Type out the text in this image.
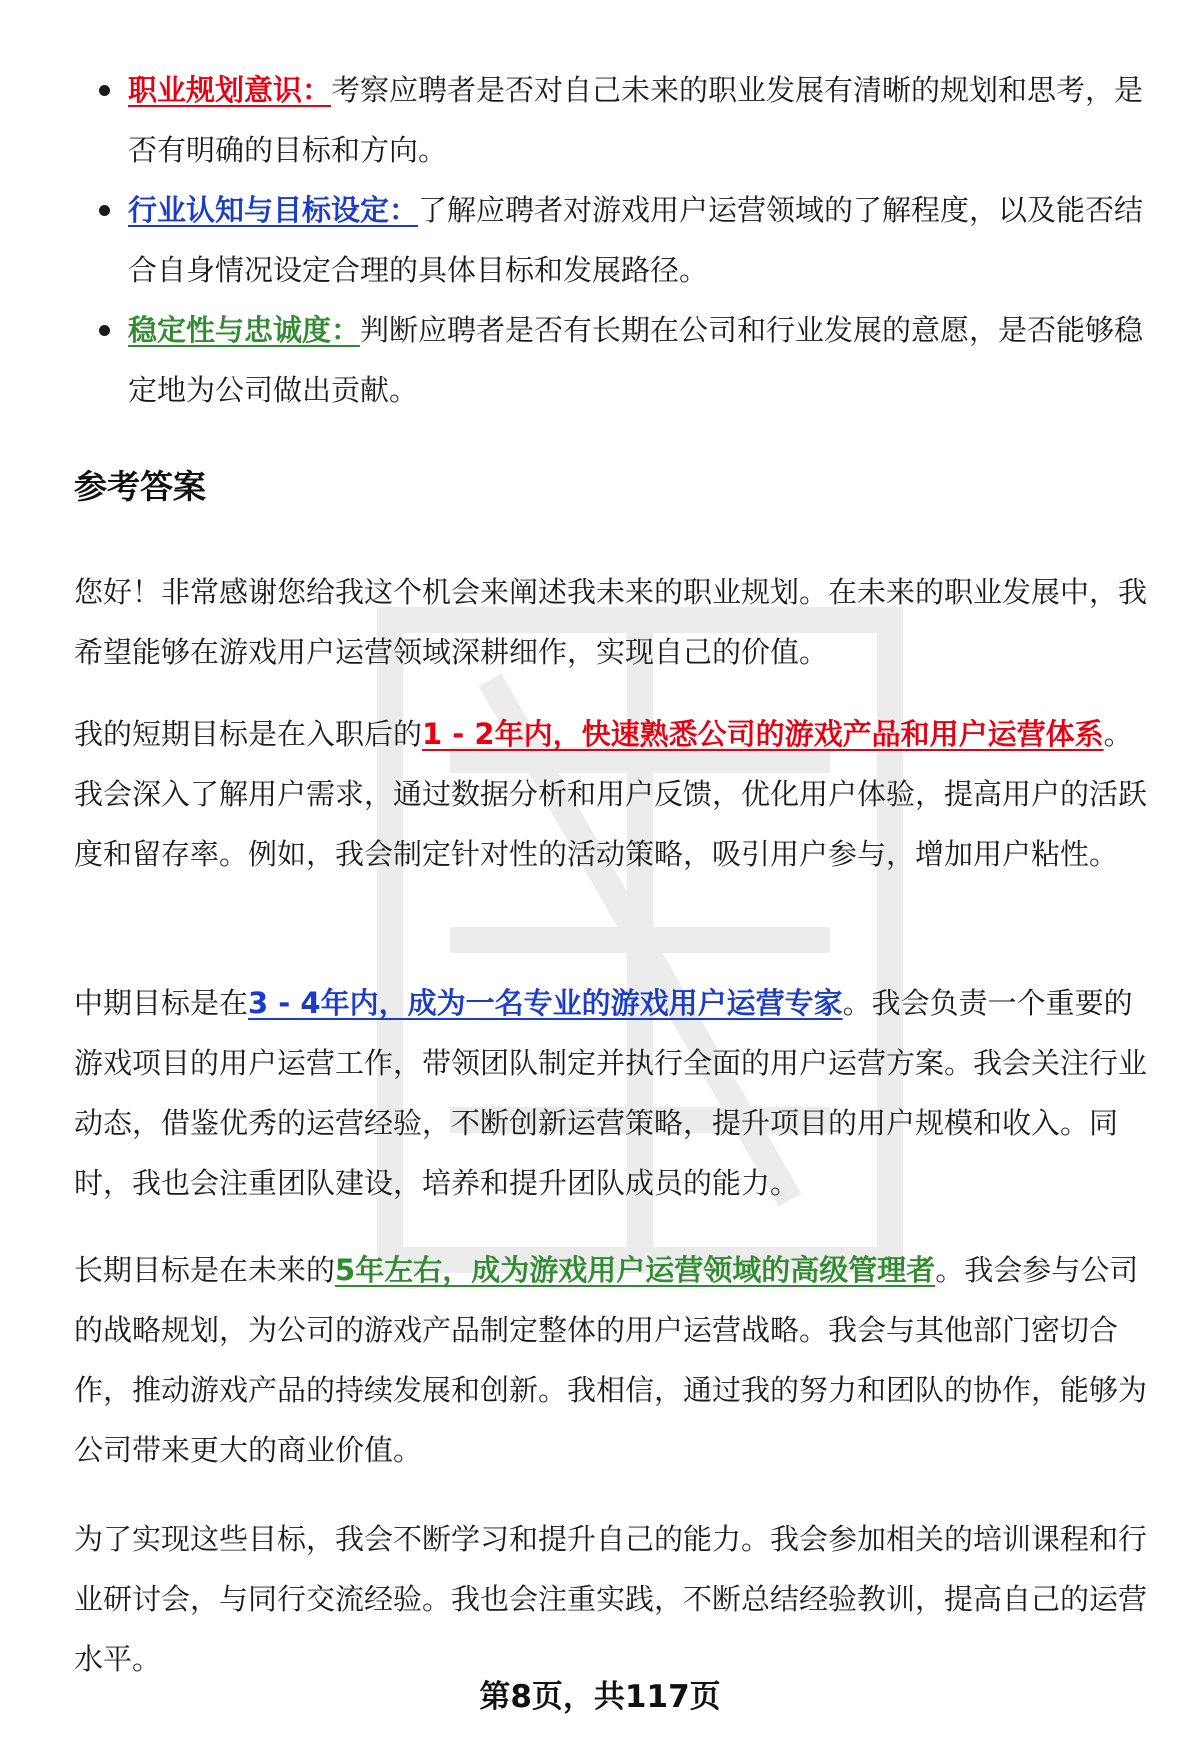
职业规划意识：考察应聘者是否对自己未来的职业发展有清晰的规划和思考，是否有明确的目标和方向。
行业认知与目标设定：了解应聘者对游戏用户运营领域的了解程度，以及能否结合自身情况设定合理的具体目标和发展路径。
稳定性与忠诚度：判断应聘者是否有长期在公司和行业发展的意愿，是否能够稳定地为公司做出贡献。
参考答案

您好！非常感谢您给我这个机会来阐述我未来的职业规划。在未来的职业发展中，我希望能够在游戏用户运营领域深耕细作，实现自己的价值。

我的短期目标是在入职后的1 - 2年内，快速熟悉公司的游戏产品和用户运营体系。我会深入了解用户需求，通过数据分析和用户反馈，优化用户体验，提高用户的活跃度和留存率。例如，我会制定针对性的活动策略，吸引用户参与，增加用户粘性。

中期目标是在3 - 4年内，成为一名专业的游戏用户运营专家。我会负责一个重要的游戏项目的用户运营工作，带领团队制定并执行全面的用户运营方案。我会关注行业动态，借鉴优秀的运营经验，不断创新运营策略，提升项目的用户规模和收入。同时，我也会注重团队建设，培养和提升团队成员的能力。

长期目标是在未来的5年左右，成为游戏用户运营领域的高级管理者。我会参与公司的战略规划，为公司的游戏产品制定整体的用户运营战略。我会与其他部门密切合作，推动游戏产品的持续发展和创新。我相信，通过我的努力和团队的协作，能够为公司带来更大的商业价值。

为了实现这些目标，我会不断学习和提升自己的能力。我会参加相关的培训课程和行业研讨会，与同行交流经验。我也会注重实践，不断总结经验教训，提高自己的运营水平。

第8页，共117页
